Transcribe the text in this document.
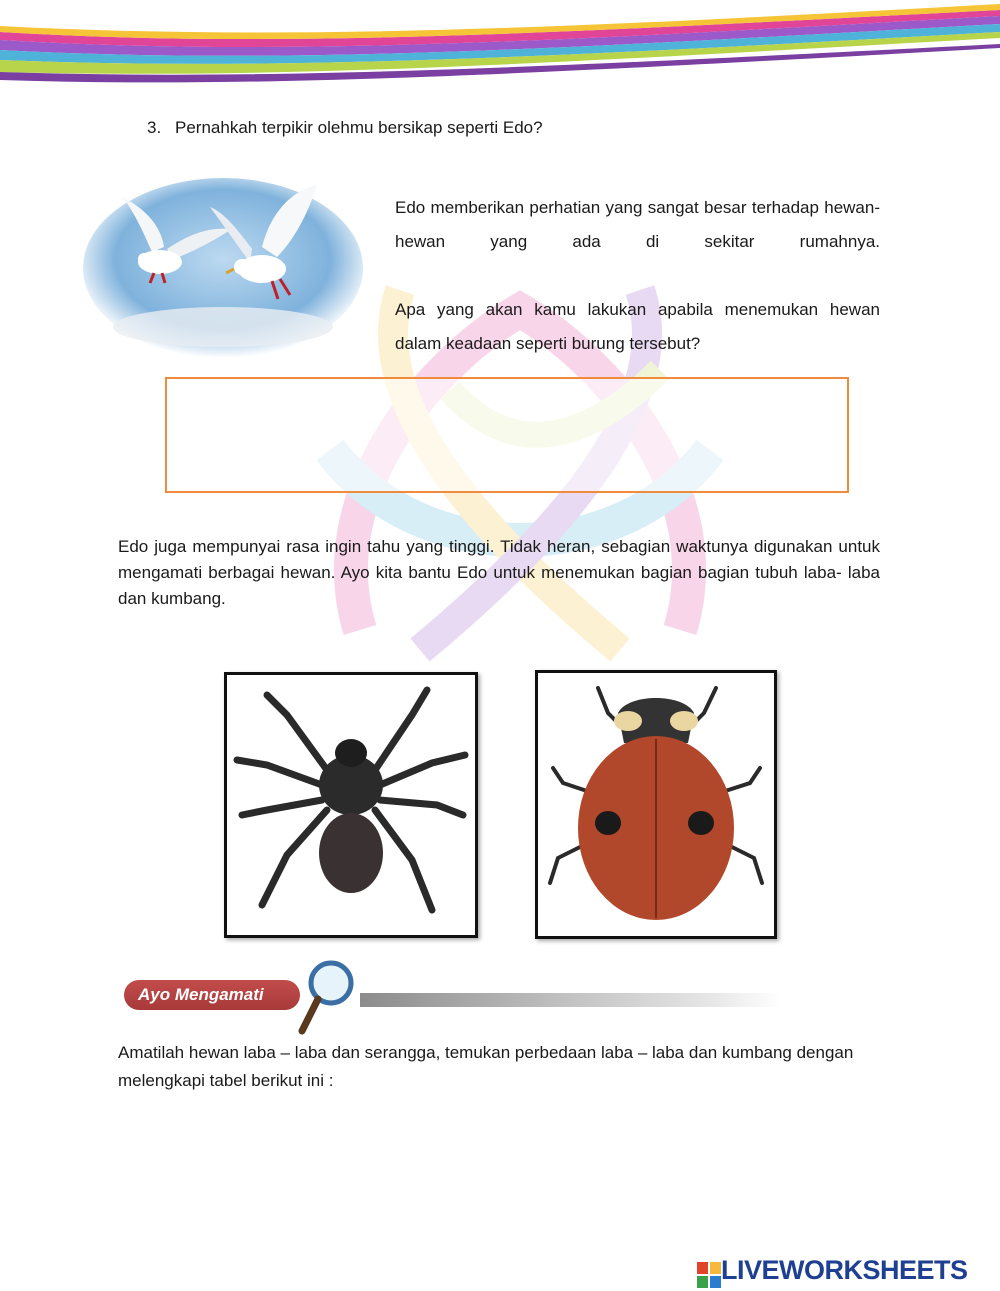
3. Pernahkah terpikir olehmu bersikap seperti Edo?
Edo memberikan perhatian yang sangat besar terhadap hewan-hewan yang ada di sekitar rumahnya.
Apa yang akan kamu lakukan apabila menemukan hewan dalam keadaan seperti burung tersebut?
Edo juga mempunyai rasa ingin tahu yang tinggi. Tidak heran, sebagian waktunya digunakan untuk mengamati berbagai hewan. Ayo kita bantu Edo untuk menemukan bagian bagian tubuh laba- laba dan kumbang.
Ayo Mengamati
Amatilah hewan laba – laba dan serangga, temukan perbedaan laba – laba dan kumbang dengan melengkapi tabel berikut ini :
LIVEWORKSHEETS
